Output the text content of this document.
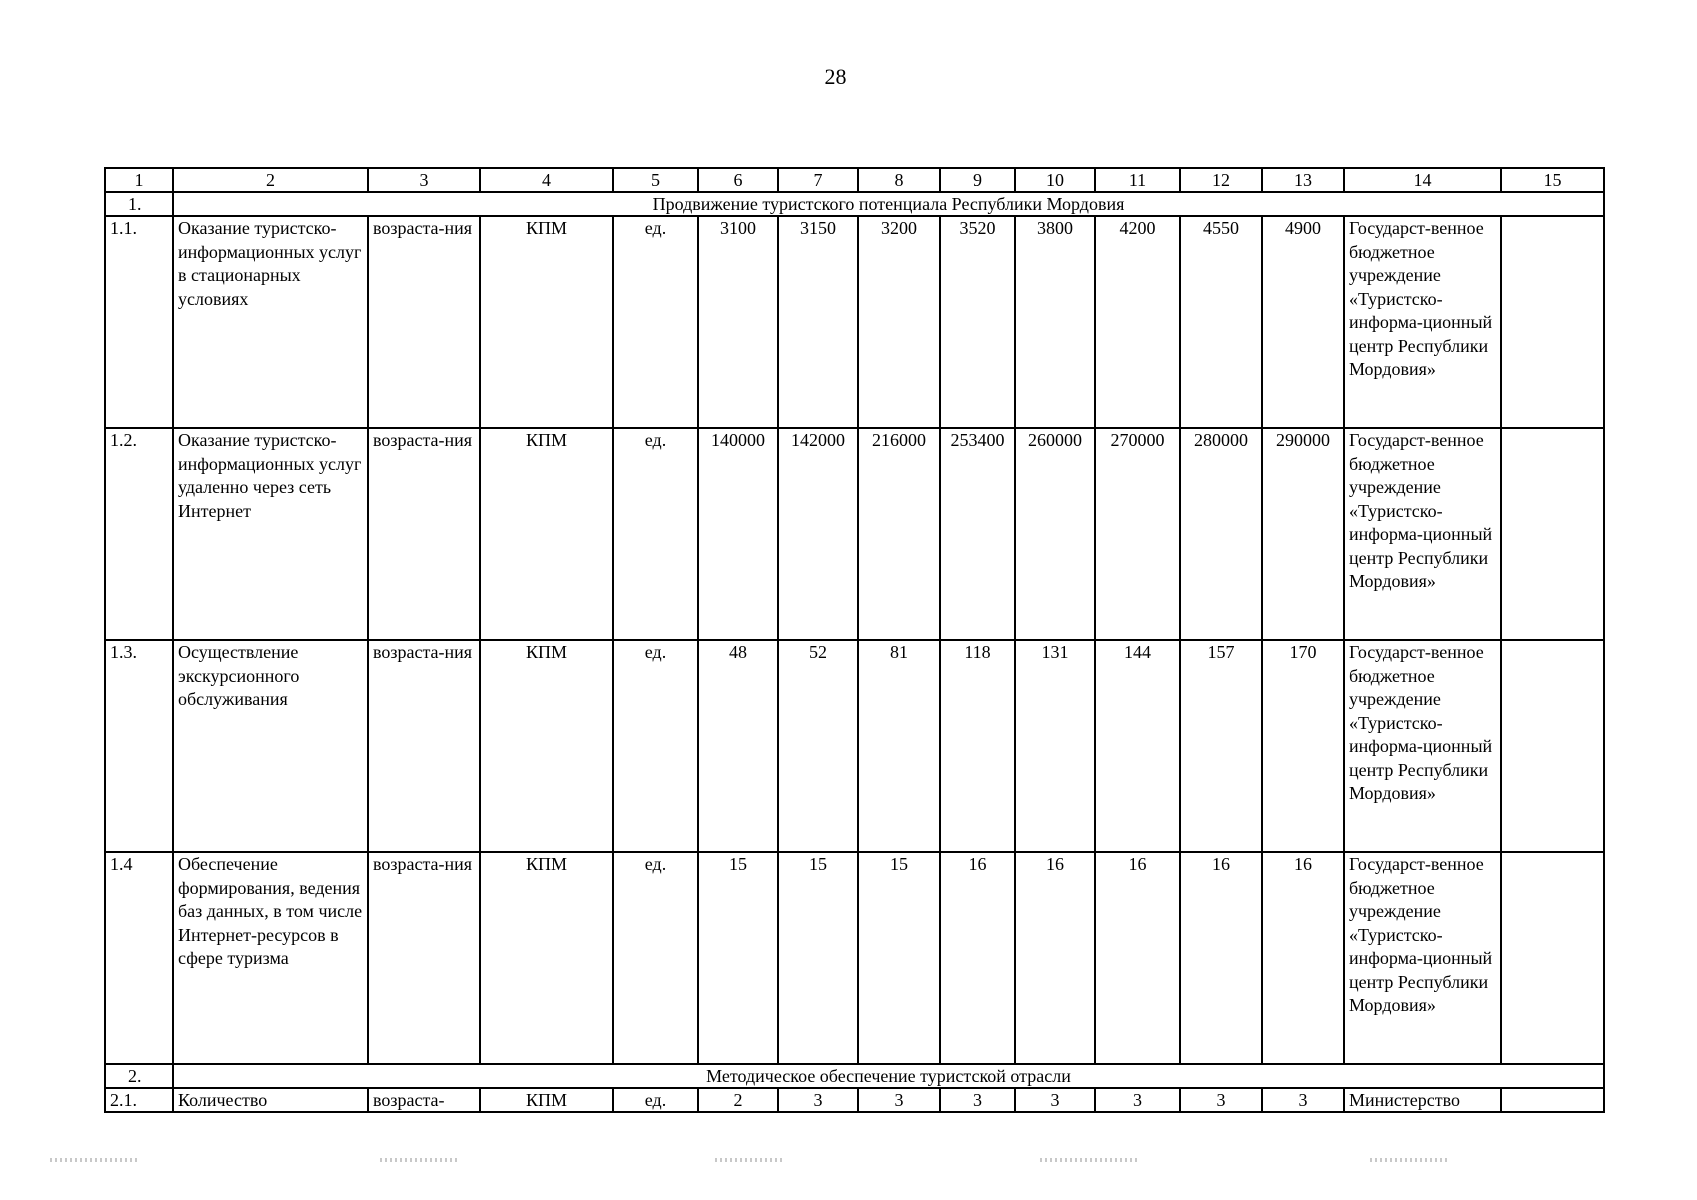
28
1	2	3	4	5	6	7	8	9	10	11	12	13	14	15
1.	Продвижение туристского потенциала Республики Мордовия													
1.1.	Оказание туристско-информационных услуг в стационарных условиях	возраста-ния	КПМ	ед.	3100	3150	3200	3520	3800	4200	4550	4900	Государст-венное бюджетное учреждение «Туристско-информа-ционный центр Республики Мордовия»	
1.2.	Оказание туристско-информационных услуг удаленно через сеть Интернет	возраста-ния	КПМ	ед.	140000	142000	216000	253400	260000	270000	280000	290000	Государст-венное бюджетное учреждение «Туристско-информа-ционный центр Республики Мордовия»	
1.3.	Осуществление экскурсионного обслуживания	возраста-ния	КПМ	ед.	48	52	81	118	131	144	157	170	Государст-венное бюджетное учреждение «Туристско-информа-ционный центр Республики Мордовия»	
1.4	Обеспечение формирования, ведения баз данных, в том числе Интернет-ресурсов в сфере туризма	возраста-ния	КПМ	ед.	15	15	15	16	16	16	16	16	Государст-венное бюджетное учреждение «Туристско-информа-ционный центр Республики Мордовия»	
2.	Методическое обеспечение туристской отрасли													
2.1.	Количество	возраста-	КПМ	ед.	2	3	3	3	3	3	3	3	Министерство	
